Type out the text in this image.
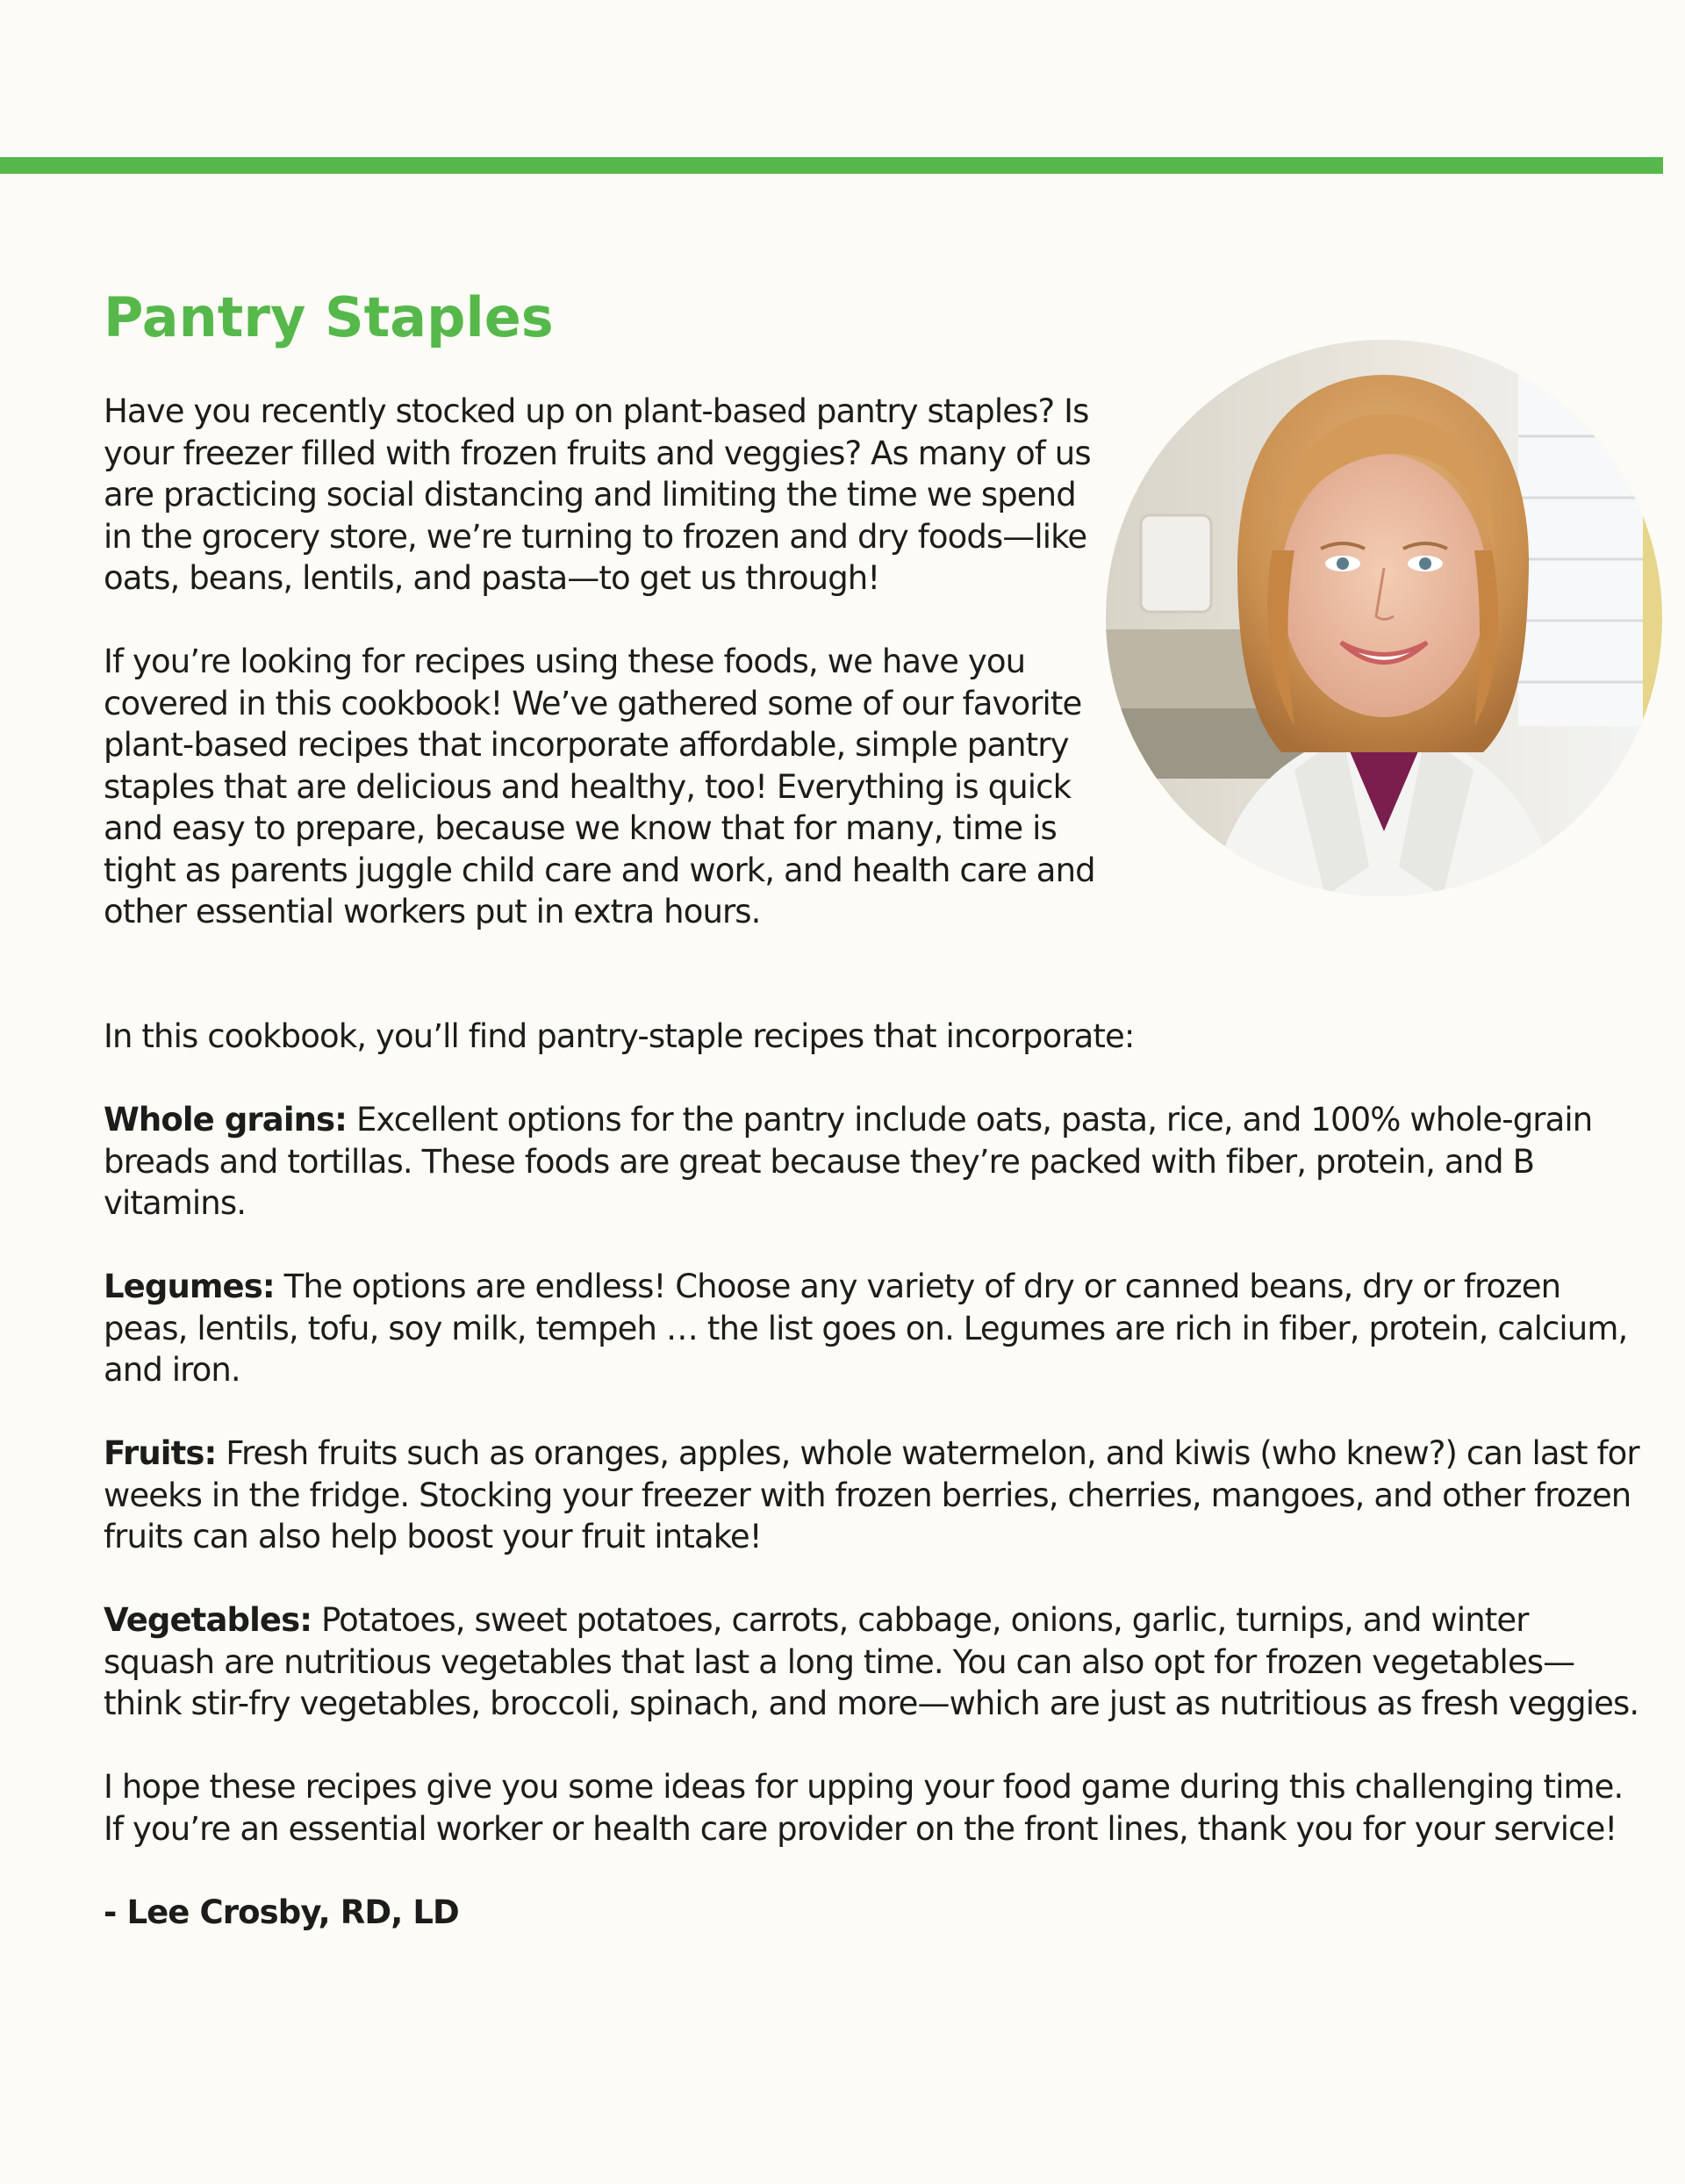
Pantry Staples

Have you recently stocked up on plant-based pantry staples? Is your freezer filled with frozen fruits and veggies? As many of us are practicing social distancing and limiting the time we spend in the grocery store, we’re turning to frozen and dry foods—like oats, beans, lentils, and pasta—to get us through!

If you’re looking for recipes using these foods, we have you covered in this cookbook! We’ve gathered some of our favorite plant-based recipes that incorporate affordable, simple pantry staples that are delicious and healthy, too! Everything is quick and easy to prepare, because we know that for many, time is tight as parents juggle child care and work, and health care and other essential workers put in extra hours.

In this cookbook, you’ll find pantry-staple recipes that incorporate:

Whole grains: Excellent options for the pantry include oats, pasta, rice, and 100% whole-grain breads and tortillas. These foods are great because they’re packed with fiber, protein, and B vitamins.

Legumes: The options are endless! Choose any variety of dry or canned beans, dry or frozen peas, lentils, tofu, soy milk, tempeh … the list goes on. Legumes are rich in fiber, protein, calcium, and iron.

Fruits: Fresh fruits such as oranges, apples, whole watermelon, and kiwis (who knew?) can last for weeks in the fridge. Stocking your freezer with frozen berries, cherries, mangoes, and other frozen fruits can also help boost your fruit intake!

Vegetables: Potatoes, sweet potatoes, carrots, cabbage, onions, garlic, turnips, and winter squash are nutritious vegetables that last a long time. You can also opt for frozen vegetables—think stir-fry vegetables, broccoli, spinach, and more—which are just as nutritious as fresh veggies.

I hope these recipes give you some ideas for upping your food game during this challenging time. If you’re an essential worker or health care provider on the front lines, thank you for your service!

- Lee Crosby, RD, LD
